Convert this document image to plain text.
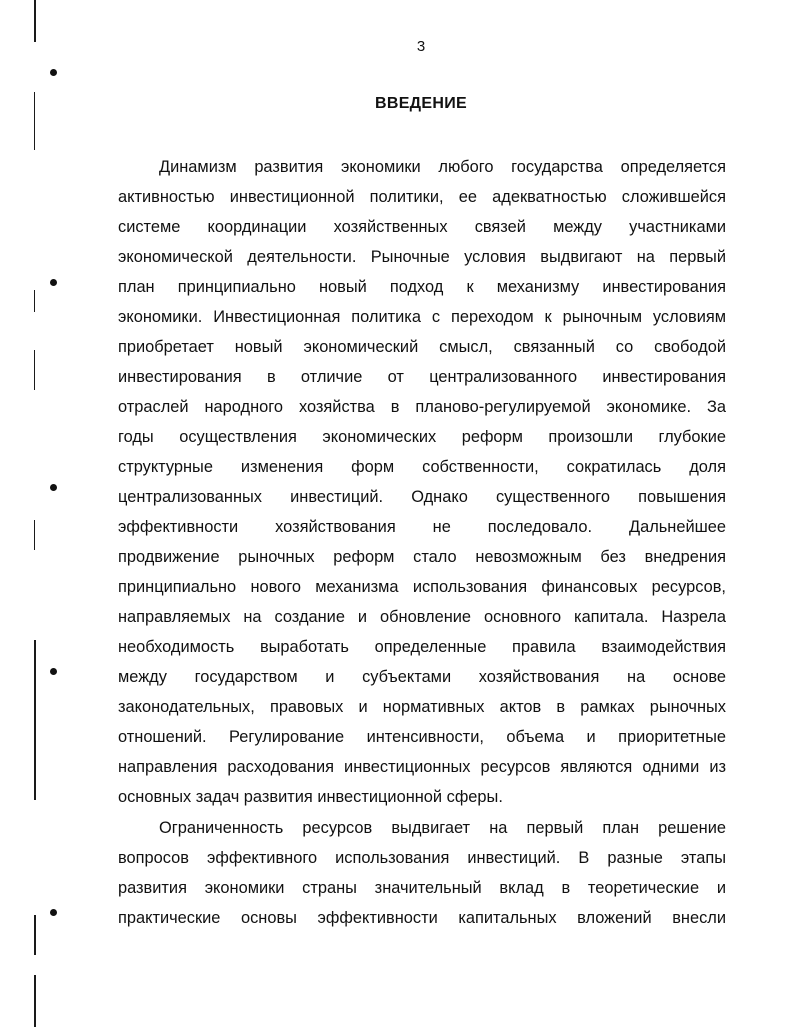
3
ВВЕДЕНИЕ
Динамизм развития экономики любого государства определяется
активностью инвестиционной политики, ее адекватностью сложившейся
системе координации хозяйственных связей между участниками
экономической деятельности. Рыночные условия выдвигают на первый
план принципиально новый подход к механизму инвестирования
экономики. Инвестиционная политика с переходом к рыночным условиям
приобретает новый экономический смысл, связанный со свободой
инвестирования в отличие от централизованного инвестирования
отраслей народного хозяйства в планово-регулируемой экономике. За
годы осуществления экономических реформ произошли глубокие
структурные изменения форм собственности, сократилась доля
централизованных инвестиций. Однако существенного повышения
эффективности хозяйствования не последовало. Дальнейшее
продвижение рыночных реформ стало невозможным без внедрения
принципиально нового механизма использования финансовых ресурсов,
направляемых на создание и обновление основного капитала. Назрела
необходимость выработать определенные правила взаимодействия
между государством и субъектами хозяйствования на основе
законодательных, правовых и нормативных актов в рамках рыночных
отношений. Регулирование интенсивности, объема и приоритетные
направления расходования инвестиционных ресурсов являются одними из
основных задач развития инвестиционной сферы.
Ограниченность ресурсов выдвигает на первый план решение
вопросов эффективного использования инвестиций. В разные этапы
развития экономики страны значительный вклад в теоретические и
практические основы эффективности капитальных вложений внесли
